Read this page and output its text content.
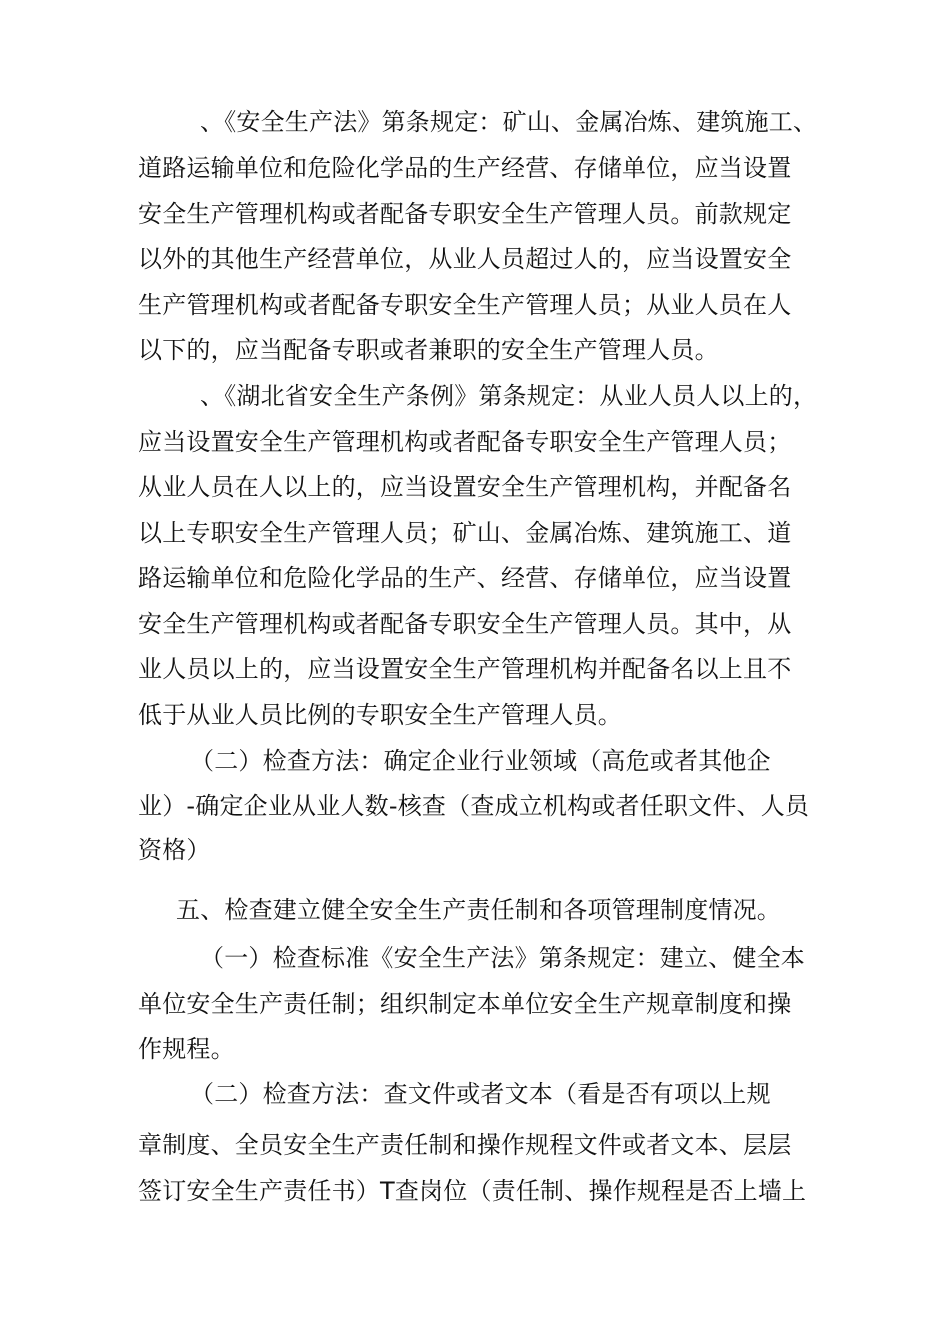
、《安全生产法》第条规定：矿山、金属冶炼、建筑施工、
道路运输单位和危险化学品的生产经营、存储单位，应当设置
安全生产管理机构或者配备专职安全生产管理人员。前款规定
以外的其他生产经营单位，从业人员超过人的，应当设置安全
生产管理机构或者配备专职安全生产管理人员；从业人员在人
以下的，应当配备专职或者兼职的安全生产管理人员。
、《湖北省安全生产条例》第条规定：从业人员人以上的，
应当设置安全生产管理机构或者配备专职安全生产管理人员；
从业人员在人以上的，应当设置安全生产管理机构，并配备名
以上专职安全生产管理人员；矿山、金属冶炼、建筑施工、道
路运输单位和危险化学品的生产、经营、存储单位，应当设置
安全生产管理机构或者配备专职安全生产管理人员。其中，从
业人员以上的，应当设置安全生产管理机构并配备名以上且不
低于从业人员比例的专职安全生产管理人员。
（二）检查方法：确定企业行业领域（高危或者其他企
业）-确定企业从业人数-核查（查成立机构或者任职文件、人员
资格）
五、检查建立健全安全生产责任制和各项管理制度情况。
（一）检查标准《安全生产法》第条规定：建立、健全本
单位安全生产责任制；组织制定本单位安全生产规章制度和操
作规程。
（二）检查方法：查文件或者文本（看是否有项以上规
章制度、全员安全生产责任制和操作规程文件或者文本、层层
签订安全生产责任书）T查岗位（责任制、操作规程是否上墙上
